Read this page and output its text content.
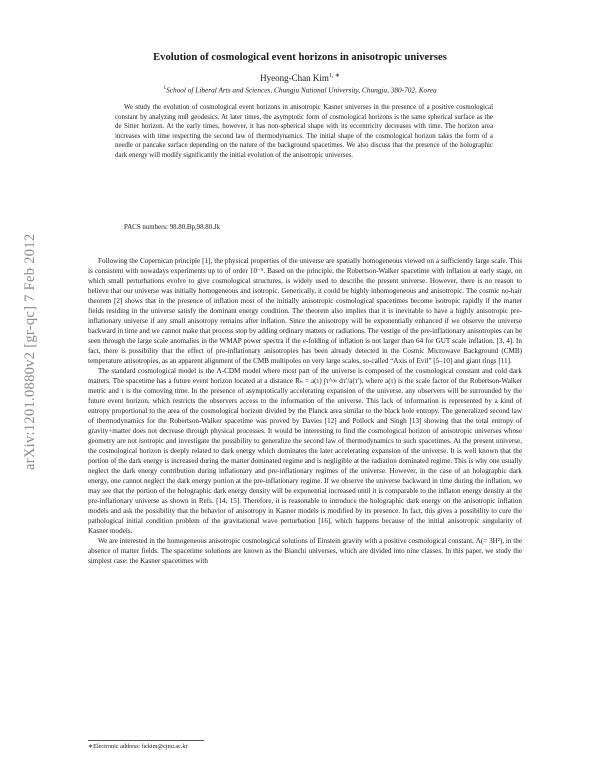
arXiv:1201.0880v2 [gr-qc] 7 Feb 2012
Evolution of cosmological event horizons in anisotropic universes
Hyeong-Chan Kim$^{1, ∗}$
$^1$School of Liberal Arts and Sciences, Chungju National University, Chungju, 380-702, Korea
We study the evolution of cosmological event horizons in anisotropic Kasner universes in the presence of a positive cosmological constant by analyzing null geodesics. At later times, the asymptotic form of cosmological horizons is the same spherical surface as the de Sitter horizon. At the early times, however, it has non-spherical shape with its eccentricity decreases with time. The horizon area increases with time respecting the second law of thermodynamics. The initial shape of the cosmological horizon takes the form of a needle or pancake surface depending on the nature of the background spacetimes. We also discuss that the presence of the holographic dark energy will modify significantly the initial evolution of the anisotropic universes.
PACS numbers: 98.80.Bp,98.80.Jk

Following the Copernican principle [1], the physical properties of the universe are spatially homogeneous viewed on a sufficiently large scale. This is consistent with nowadays experiments up to of order 10⁻⁵. Based on the principle, the Robertson-Walker spacetime with inflation at early stage, on which small perturbations evolve to give cosmological structures, is widely used to describe the present universe. However, there is no reason to believe that our universe was initially homogeneous and isotropic. Generically, it could be highly inhomogeneous and anisotropic. The cosmic no-hair theorem [2] shows that in the presence of inflation most of the initially anisotropic cosmological spacetimes become isotropic rapidly if the matter fields residing in the universe satisfy the dominant energy condition. The theorem also implies that it is inevitable to have a highly anisotropic pre-inflationary universe if any small anisotropy remains after inflation. Since the anisotropy will be exponentially enhanced if we observe the universe backward in time and we cannot make that process stop by adding ordinary matters or radiations. The vestige of the pre-inflationary anisotropies can be seen through the large scale anomalies in the WMAP power spectra if the e-folding of inflation is not larger than 64 for GUT scale inflation. [3, 4]. In fact, there is possibility that the effect of pre-inflationary anisotropies has been already detected in the Cosmic Microwave Background (CMB) temperature anisotropies, as an apparent alignment of the CMB multipoles on very large scales, so-called “Axis of Evil” [5–10] and giant rings [11].

The standard cosmological model is the Λ-CDM model where most part of the universe is composed of the cosmological constant and cold dark matters. The spacetime has a future event horizon located at a distance Rₕ = a(τ) ∫τ^∞ dτ′/a(τ′), where a(τ) is the scale factor of the Robertson-Walker metric and τ is the comoving time. In the presence of asymptotically accelerating expansion of the universe, any observers will be surrounded by the future event horizon, which restricts the observers access to the information of the universe. This lack of information is represented by a kind of entropy proportional to the area of the cosmological horizon divided by the Planck area similar to the black hole entropy. The generalized second law of thermodynamics for the Robertson-Walker spacetime was proved by Davies [12] and Pollock and Singh [13] showing that the total entropy of gravity+matter does not decrease through physical processes. It would be interesting to find the cosmological horizon of anisotropic universes whose geometry are not isotropic and investigate the possibility to generalize the second law of thermodynamics to such spacetimes. At the present universe, the cosmological horizon is deeply related to dark energy which dominates the later accelerating expansion of the universe. It is well known that the portion of the dark energy is increased during the matter dominated regime and is negligible at the radiation dominated regime. This is why one usually neglect the dark energy contribution during inflationary and pre-inflationary regimes of the universe. However, in the case of an holographic dark energy, one cannot neglect the dark energy portion at the pre-inflationary regime. If we observe the universe backward in time during the inflation, we may see that the portion of the holographic dark energy density will be exponential increased until it is comparable to the inflaton energy density at the pre-inflationary universe as shown in Refs. [14, 15]. Therefore, it is reasonable to introduce the holographic dark energy on the anisotropic inflation models and ask the possibility that the behavior of anisotropy in Kasner models is modified by its presence. In fact, this gives a possibility to cure the pathological initial condition problem of the gravitational wave perturbation [16], which happens because of the initial anisotropic singularity of Kasner models.

We are interested in the homogeneous anisotropic cosmological solutions of Einstein gravity with a positive cosmological constant, Λ(= 3H²), in the absence of matter fields. The spacetime solutions are known as the Bianchi universes, which are divided into nine classes. In this paper, we study the simplest case: the Kasner spacetimes with

∗Electronic address: hckim@cjnu.ac.kr
